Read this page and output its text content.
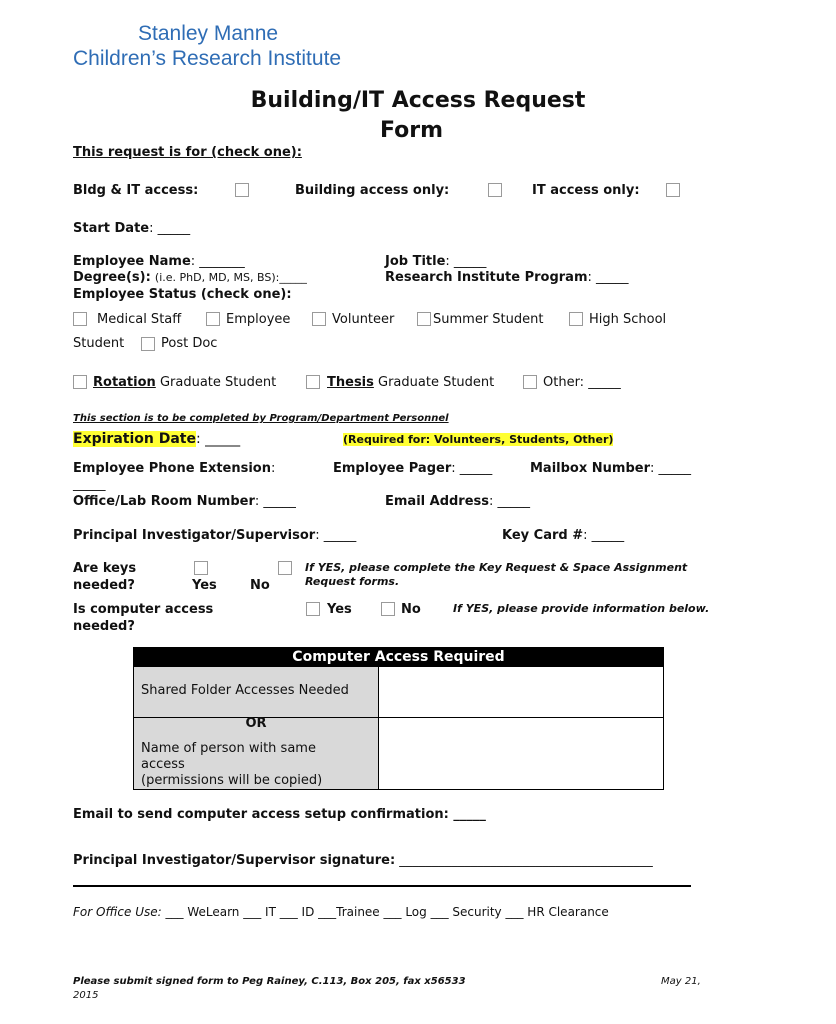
Stanley Manne
Children’s Research Institute
Building/IT Access Request
Form
This request is for (check one):
Bldg & IT access:	Building access only:	IT access only:
Start Date: _____
Employee Name: _______	Job Title: _____
Degree(s): (i.e. PhD, MD, MS, BS):_____	Research Institute Program: _____
Employee Status (check one):
Medical Staff	Employee	Volunteer	Summer Student	High School
Student	Post Doc
Rotation Graduate Student	Thesis Graduate Student	Other: _____
This section is to be completed by Program/Department Personnel
Expiration Date: _____	(Required for: Volunteers, Students, Other)
Employee Phone Extension:
_____
Employee Pager: _____	Mailbox Number: _____
Office/Lab Room Number: _____	Email Address: _____
Principal Investigator/Supervisor: _____	Key Card #: _____
Are keys
needed?	Yes	No
If YES, please complete the Key Request & Space Assignment
Request forms.
Is computer access
needed?
Yes	No	If YES, please provide information below.
Computer Access Required	

Shared Folder Accesses Needed	

OR
Name of person with same
access
(permissions will be copied)	

Email to send computer access setup confirmation: _____
Principal Investigator/Supervisor signature: _______________________________________
For Office Use: ___ WeLearn ___ IT ___ ID ___Trainee ___ Log ___ Security ___ HR Clearance
Please submit signed form to Peg Rainey, C.113, Box 205, fax x56533	May 21,
2015
